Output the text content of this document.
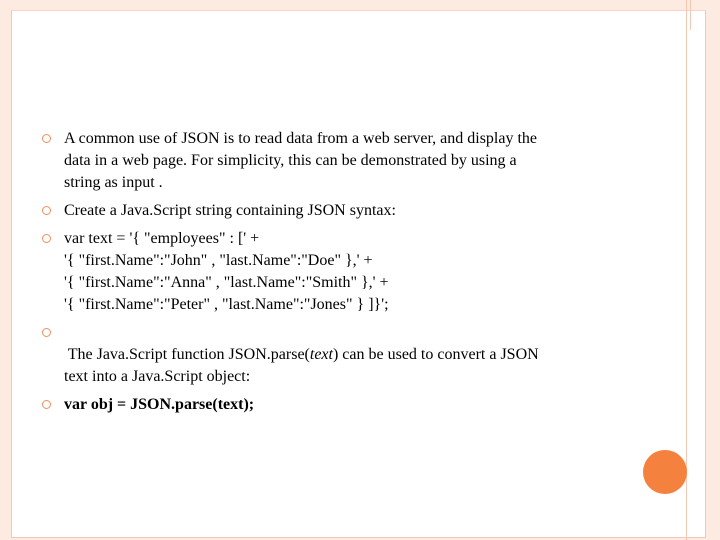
A common use of JSON is to read data from a web server, and display the
data in a web page. For simplicity, this can be demonstrated by using a
string as input .
Create a Java.Script string containing JSON syntax:
var text = '{ "employees" : [' +
'{ "first.Name":"John" , "last.Name":"Doe" },' +
'{ "first.Name":"Anna" , "last.Name":"Smith" },' +
'{ "first.Name":"Peter" , "last.Name":"Jones" } ]}';
The Java.Script function JSON.parse(text) can be used to convert a JSON
text into a Java.Script object:
var obj = JSON.parse(text);
